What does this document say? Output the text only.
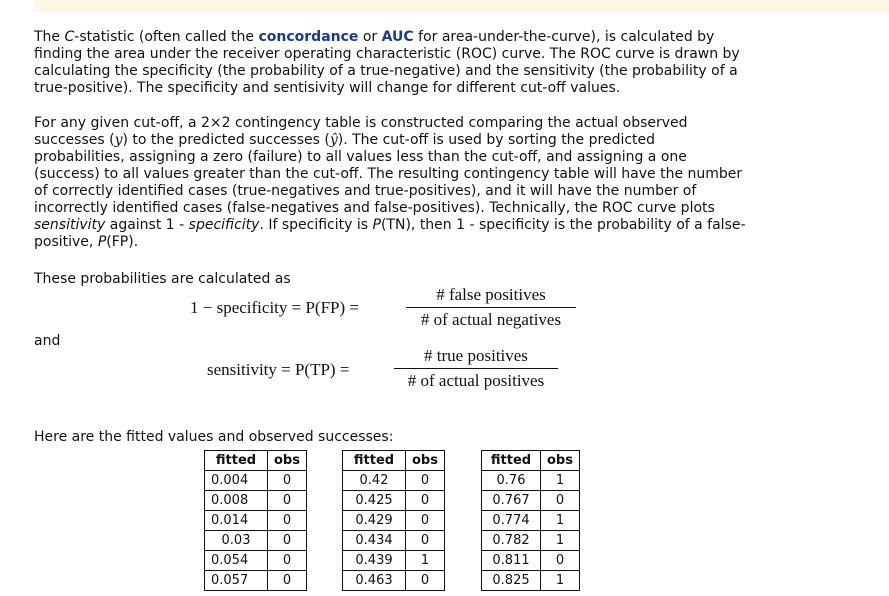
The C-statistic (often called the concordance or AUC for area-under-the-curve), is calculated by finding the area under the receiver operating characteristic (ROC) curve. The ROC curve is drawn by calculating the specificity (the probability of a true-negative) and the sensitivity (the probability of a true-positive). The specificity and sentisivity will change for different cut-off values.

For any given cut-off, a 2×2 contingency table is constructed comparing the actual observed successes (y) to the predicted successes (ŷ). The cut-off is used by sorting the predicted probabilities, assigning a zero (failure) to all values less than the cut-off, and assigning a one (success) to all values greater than the cut-off. The resulting contingency table will have the number of correctly identified cases (true-negatives and true-positives), and it will have the number of incorrectly identified cases (false-negatives and false-positives). Technically, the ROC curve plots sensitivity against 1 - specificity. If specificity is P(TN), then 1 - specificity is the probability of a false-positive, P(FP).

These probabilities are calculated as

and

Here are the fitted values and observed successes:

1 − specificity = P(FP) =
# false positives
# of actual negatives
sensitivity = P(TP) =
# true positives
# of actual positives
fitted	obs
0.004	0
0.008	0
0.014	0
0.03	0
0.054	0
0.057	0
fitted	obs
0.42	0
0.425	0
0.429	0
0.434	0
0.439	1
0.463	0
fitted	obs
0.76	1
0.767	0
0.774	1
0.782	1
0.811	0
0.825	1
